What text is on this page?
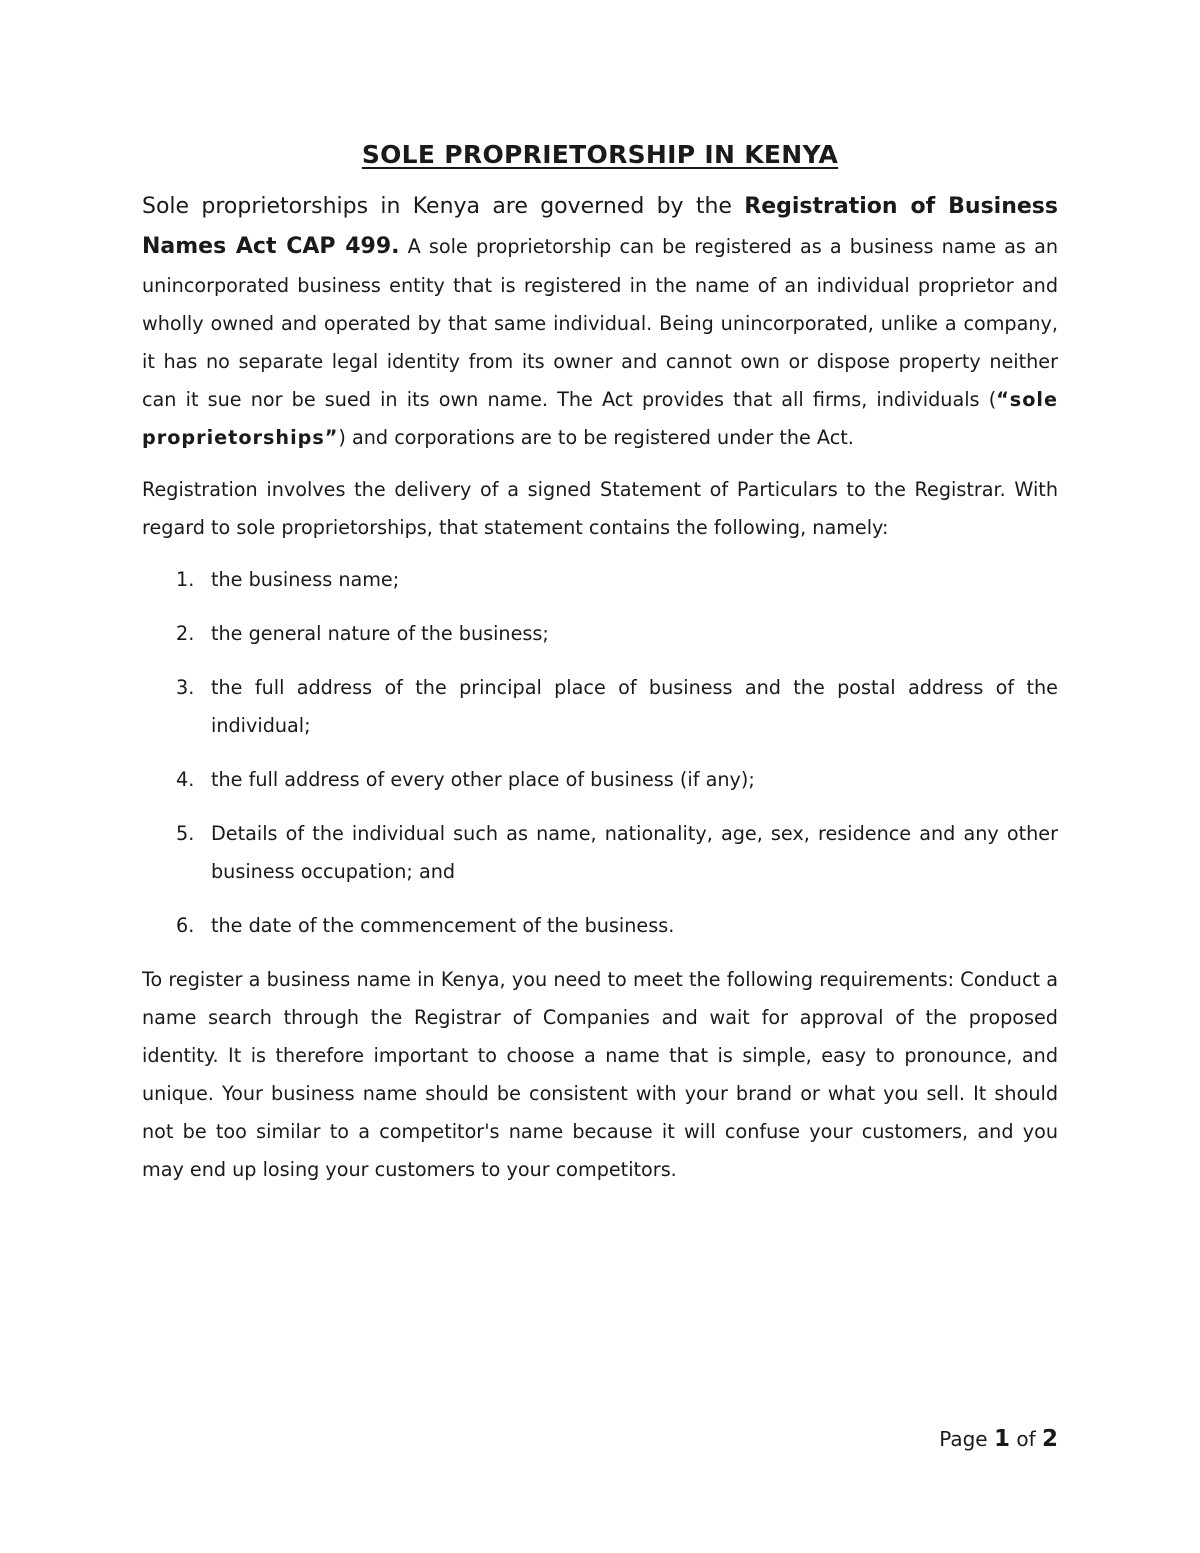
SOLE PROPRIETORSHIP IN KENYA

Sole proprietorships in Kenya are governed by the Registration of Business Names Act CAP 499. A sole proprietorship can be registered as a business name as an unincorporated business entity that is registered in the name of an individual proprietor and wholly owned and operated by that same individual. Being unincorporated, unlike a company, it has no separate legal identity from its owner and cannot own or dispose property neither can it sue nor be sued in its own name. The Act provides that all firms, individuals (“sole proprietorships”) and corporations are to be registered under the Act.

Registration involves the delivery of a signed Statement of Particulars to the Registrar. With regard to sole proprietorships, that statement contains the following, namely:

1. the business name;
2. the general nature of the business;
3. the full address of the principal place of business and the postal address of the individual;
4. the full address of every other place of business (if any);
5. Details of the individual such as name, nationality, age, sex, residence and any other business occupation; and
6. the date of the commencement of the business.

To register a business name in Kenya, you need to meet the following requirements: Conduct a name search through the Registrar of Companies and wait for approval of the proposed identity. It is therefore important to choose a name that is simple, easy to pronounce, and unique. Your business name should be consistent with your brand or what you sell. It should not be too similar to a competitor's name because it will confuse your customers, and you may end up losing your customers to your competitors.

Page 1 of 2
